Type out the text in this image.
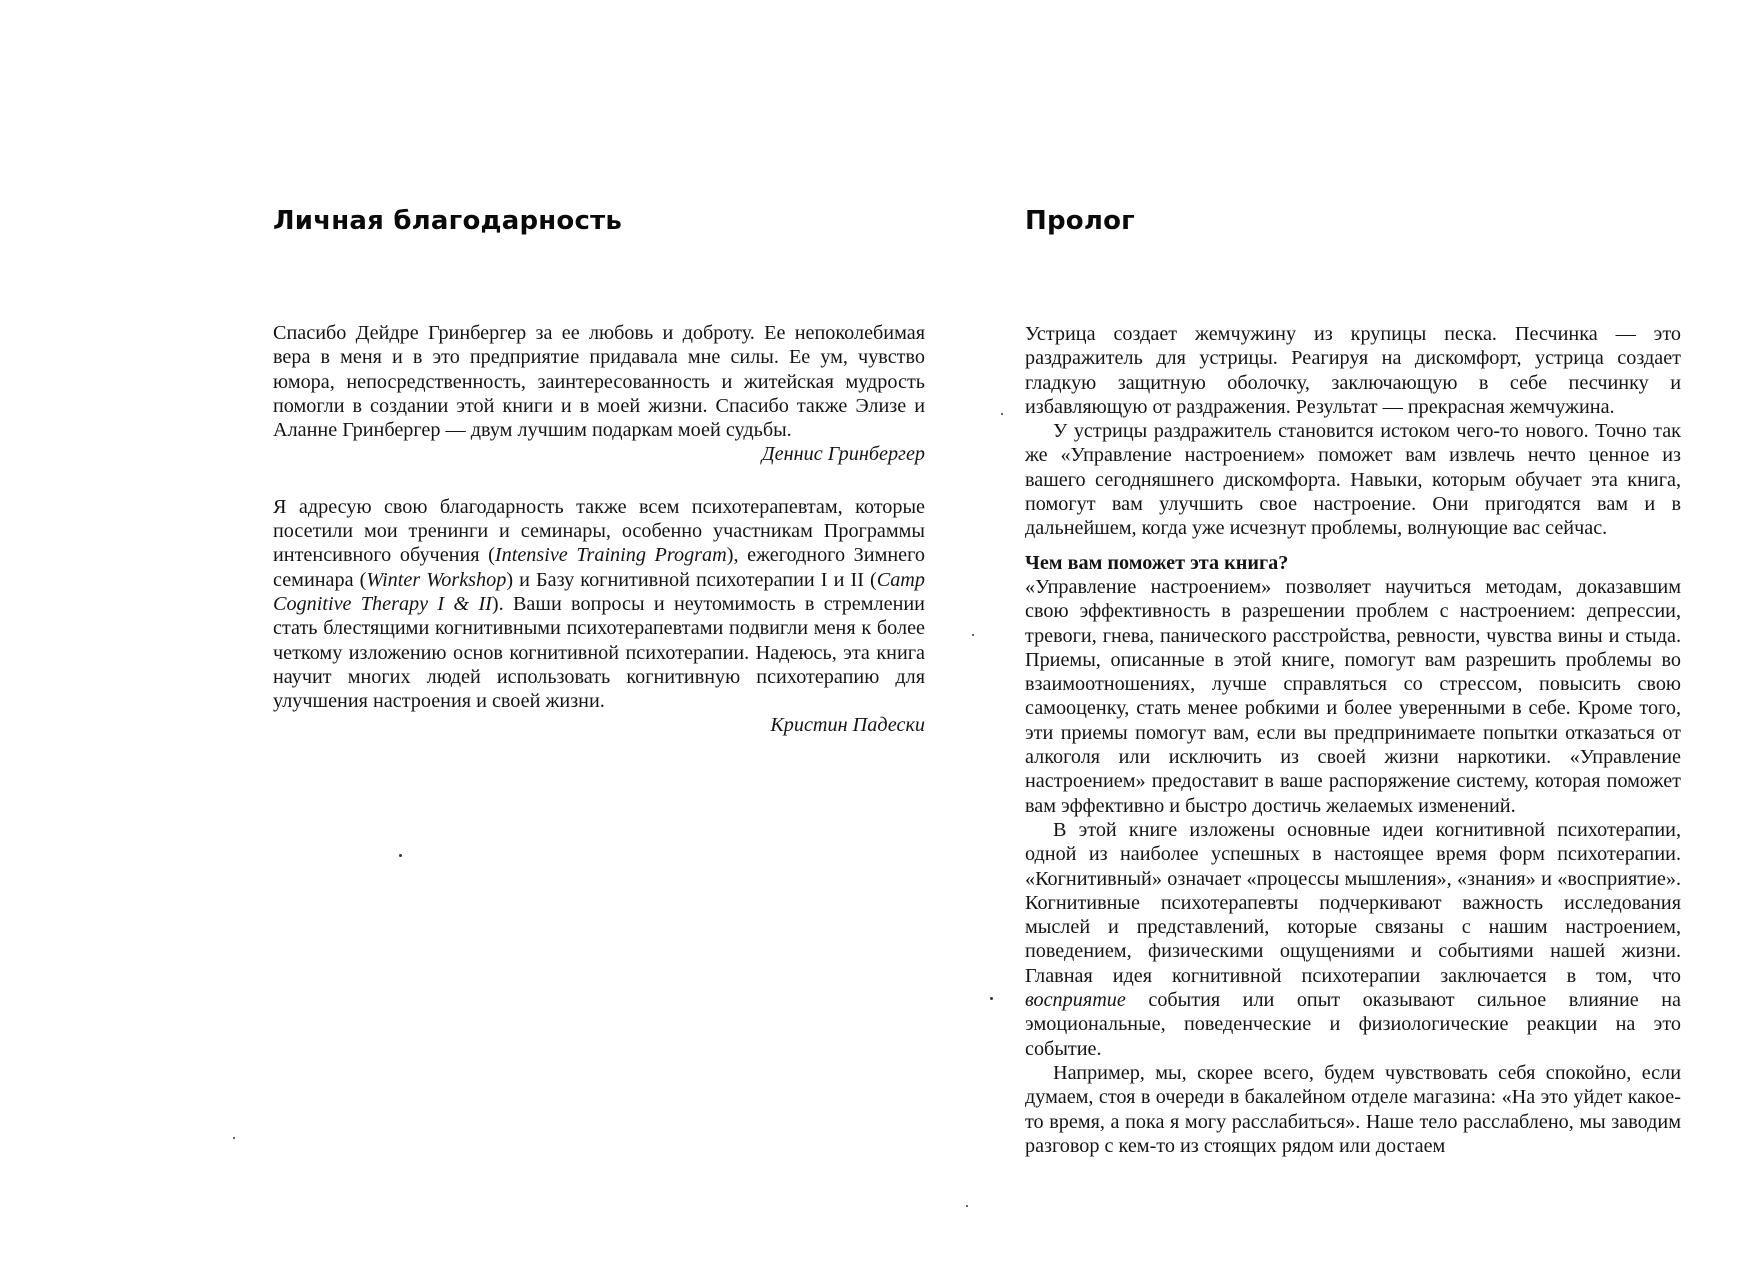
Личная благодарность

Спасибо Дейдре Гринбергер за ее любовь и доброту. Ее непоколебимая вера в меня и в это предприятие придавала мне силы. Ее ум, чувство юмора, непосредственность, заинтересованность и житейская мудрость помогли в создании этой книги и в моей жизни. Спасибо также Элизе и Аланне Гринбергер — двум лучшим подаркам моей судьбы.

Деннис Гринбергер

Я адресую свою благодарность также всем психотерапевтам, которые посетили мои тренинги и семинары, особенно участникам Программы интенсивного обучения (Intensive Training Program), ежегодного Зимнего семинара (Winter Workshop) и Базу когнитивной психотерапии I и II (Camp Cognitive Therapy I & II). Ваши вопросы и неутомимость в стремлении стать блестящими когнитивными психотерапевтами подвигли меня к более четкому изложению основ когнитивной психотерапии. Надеюсь, эта книга научит многих людей использовать когнитивную психотерапию для улучшения настроения и своей жизни.

Кристин Падески

Пролог

Устрица создает жемчужину из крупицы песка. Песчинка — это раздражитель для устрицы. Реагируя на дискомфорт, устрица создает гладкую защитную оболочку, заключающую в себе песчинку и избавляющую от раздражения. Результат — прекрасная жемчужина.

У устрицы раздражитель становится истоком чего-то нового. Точно так же «Управление настроением» поможет вам извлечь нечто ценное из вашего сегодняшнего дискомфорта. Навыки, которым обучает эта книга, помогут вам улучшить свое настроение. Они пригодятся вам и в дальнейшем, когда уже исчезнут проблемы, волнующие вас сейчас.

Чем вам поможет эта книга?

«Управление настроением» позволяет научиться методам, доказавшим свою эффективность в разрешении проблем с настроением: депрессии, тревоги, гнева, панического расстройства, ревности, чувства вины и стыда. Приемы, описанные в этой книге, помогут вам разрешить проблемы во взаимоотношениях, лучше справляться со стрессом, повысить свою самооценку, стать менее робкими и более уверенными в себе. Кроме того, эти приемы помогут вам, если вы предпринимаете попытки отказаться от алкоголя или исключить из своей жизни наркотики. «Управление настроением» предоставит в ваше распоряжение систему, которая поможет вам эффективно и быстро достичь желаемых изменений.

В этой книге изложены основные идеи когнитивной психотерапии, одной из наиболее успешных в настоящее время форм психотерапии. «Когнитивный» означает «процессы мышления», «знания» и «восприятие». Когнитивные психотерапевты подчеркивают важность исследования мыслей и представлений, которые связаны с нашим настроением, поведением, физическими ощущениями и событиями нашей жизни. Главная идея когнитивной психотерапии заключается в том, что восприятие события или опыт оказывают сильное влияние на эмоциональные, поведенческие и физиологические реакции на это событие.

Например, мы, скорее всего, будем чувствовать себя спокойно, если думаем, стоя в очереди в бакалейном отделе магазина: «На это уйдет какое-то время, а пока я могу расслабиться». Наше тело расслаблено, мы заводим разговор с кем-то из стоящих рядом или достаем
